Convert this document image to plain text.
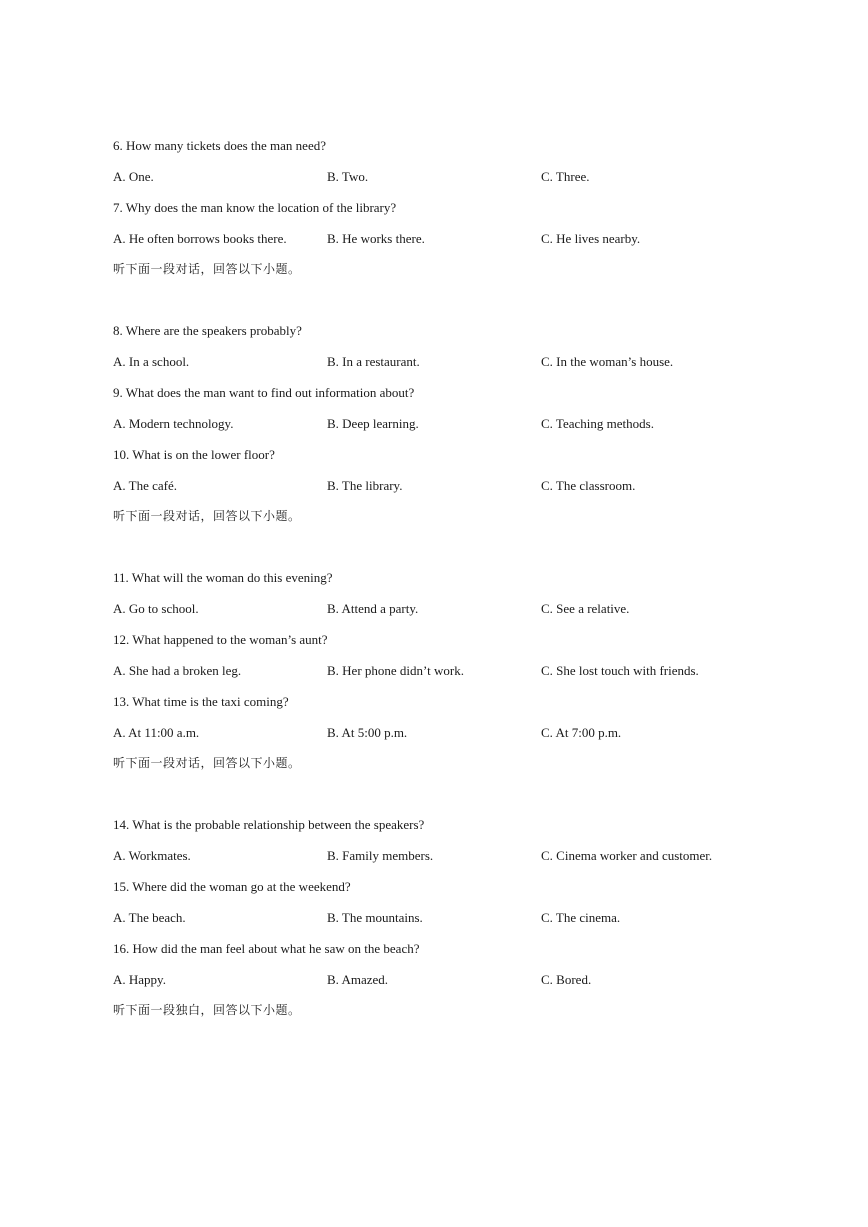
6. How many tickets does the man need?
A. One.	B. Two.	C. Three.
7. Why does the man know the location of the library?
A. He often borrows books there.	B. He works there.	C. He lives nearby.
听下面一段对话，回答以下小题。
8. Where are the speakers probably?
A. In a school.	B. In a restaurant.	C. In the woman’s house.
9. What does the man want to find out information about?
A. Modern technology.	B. Deep learning.	C. Teaching methods.
10. What is on the lower floor?
A. The café.	B. The library.	C. The classroom.
听下面一段对话，回答以下小题。
11. What will the woman do this evening?
A. Go to school.	B. Attend a party.	C. See a relative.
12. What happened to the woman’s aunt?
A. She had a broken leg.	B. Her phone didn’t work.	C. She lost touch with friends.
13. What time is the taxi coming?
A. At 11:00 a.m.	B. At 5:00 p.m.	C. At 7:00 p.m.
听下面一段对话，回答以下小题。
14. What is the probable relationship between the speakers?
A. Workmates.	B. Family members.	C. Cinema worker and customer.
15. Where did the woman go at the weekend?
A. The beach.	B. The mountains.	C. The cinema.
16. How did the man feel about what he saw on the beach?
A. Happy.	B. Amazed.	C. Bored.
听下面一段独白，回答以下小题。
